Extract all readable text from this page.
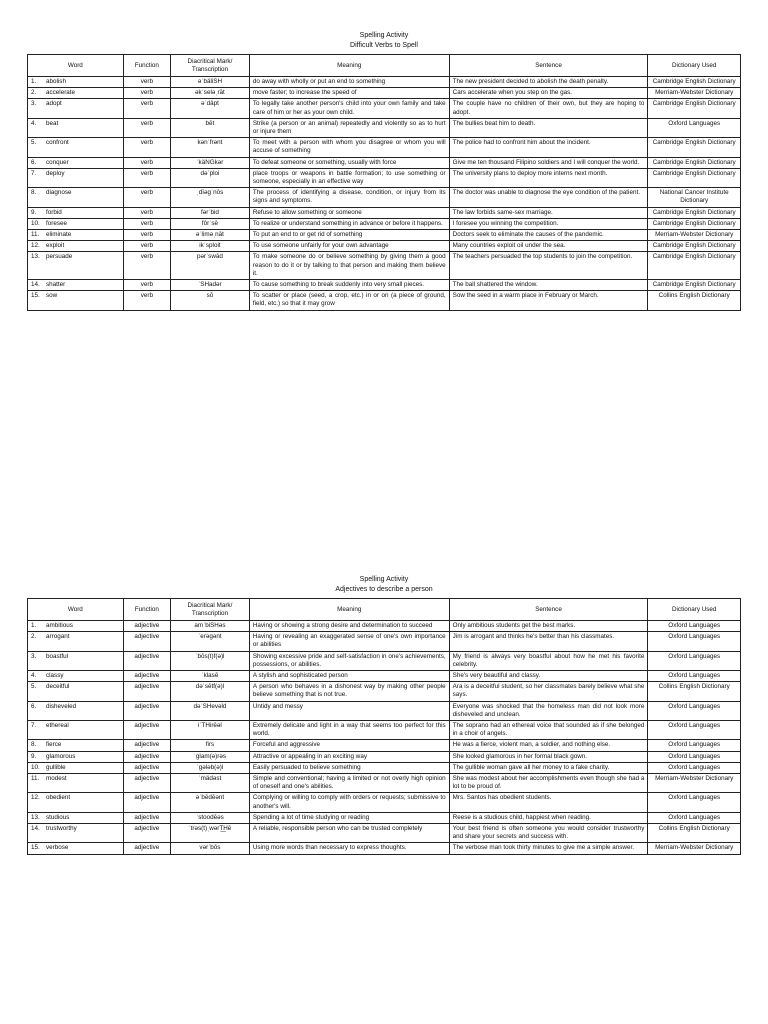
Spelling Activity
Difficult Verbs to Spell
Word	Function	Diacritical Mark/ Transcription	Meaning	Sentence	Dictionary Used
1. abolish	verb	əˈbäliSH	do away with wholly or put an end to something	The new president decided to abolish the death penalty.	Cambridge English Dictionary
2. accelerate	verb	əkˈseləˌrāt	move faster; to increase the speed of	Cars accelerate when you step on the gas.	Merriam-Webster Dictionary
3. adopt	verb	əˈdäpt	To legally take another person's child into your own family and take care of him or her as your own child.	The couple have no children of their own, but they are hoping to adopt.	Cambridge English Dictionary
4. beat	verb	bēt	Strike (a person or an animal) repeatedly and violently so as to hurt or injure them	The bullies beat him to death.	Oxford Languages
5. confront	verb	kənˈfrənt	To meet with a person with whom you disagree or whom you will accuse of something	The police had to confront him about the incident.	Cambridge English Dictionary
6. conquer	verb	ˈkäNGkər	To defeat someone or something, usually with force	Give me ten thousand Filipino soldiers and I will conquer the world.	Cambridge English Dictionary
7. deploy	verb	dəˈploi	place troops or weapons in battle formation; to use something or someone, especially in an effective way	The university plans to deploy more interns next month.	Cambridge English Dictionary
8. diagnose	verb	ˌdīəgˈnōs	The process of identifying a disease, condition, or injury from its signs and symptoms.	The doctor was unable to diagnose the eye condition of the patient.	National Cancer Institute Dictionary
9. forbid	verb	fərˈbid	Refuse to allow something or someone	The law forbids same-sex marriage.	Cambridge English Dictionary
10. foresee	verb	fôrˈsē	To realize or understand something in advance or before it happens.	I foresee you winning the competition.	Cambridge English Dictionary
11. eliminate	verb	əˈliməˌnāt	To put an end to or get rid of something	Doctors seek to eliminate the causes of the pandemic.	Merriam-Webster Dictionary
12. exploit	verb	ikˈsploit	To use someone unfairly for your own advantage	Many countries exploit oil under the sea.	Cambridge English Dictionary
13. persuade	verb	pərˈswād	To make someone do or believe something by giving them a good reason to do it or by talking to that person and making them believe it.	The teachers persuaded the top students to join the competition.	Cambridge English Dictionary
14. shatter	verb	ˈSHadər	To cause something to break suddenly into very small pieces.	The ball shattered the window.	Cambridge English Dictionary
15. sow	verb	sō	To scatter or place (seed, a crop, etc.) in or on (a piece of ground, field, etc.) so that it may grow	Sow the seed in a warm place in February or March.	Collins English Dictionary
Spelling Activity
Adjectives to describe a person
Word	Function	Diacritical Mark/ Transcription	Meaning	Sentence	Dictionary Used
1. ambitious	adjective	amˈbiSHəs	Having or showing a strong desire and determination to succeed	Only ambitious students get the best marks.	Oxford Languages
2. arrogant	adjective	ˈerəgənt	Having or revealing an exaggerated sense of one's own importance or abilities	Jim is arrogant and thinks he's better than his classmates.	Oxford Languages
3. boastful	adjective	ˈbōs(t)f(ə)l	Showing excessive pride and self-satisfaction in one's achievements, possessions, or abilities.	My friend is always very boastful about how he met his favorite celebrity.	Oxford Languages
4. classy	adjective	ˈklasē	A stylish and sophisticated person	She's very beautiful and classy.	Oxford Languages
5. deceitful	adjective	dəˈsētf(ə)l	A person who behaves in a dishonest way by making other people believe something that is not true.	Ara is a deceitful student, so her classmates barely believe what she says.	Collins English Dictionary
6. disheveled	adjective	dəˈSHevəld	Untidy and messy	Everyone was shocked that the homeless man did not look more disheveled and unclean.	Oxford Languages
7. ethereal	adjective	iˈTHirēəl	Extremely delicate and light in a way that seems too perfect for this world.	The soprano had an ethereal voice that sounded as if she belonged in a choir of angels.	Oxford Languages
8. fierce	adjective	firs	Forceful and aggressive	He was a fierce, violent man, a soldier, and nothing else.	Oxford Languages
9. glamorous	adjective	ˈglam(ə)rəs	Attractive or appealing in an exciting way	She looked glamorous in her formal black gown.	Oxford Languages
10. gullible	adjective	ˈgələb(ə)l	Easily persuaded to believe something	The gullible woman gave all her money to a fake charity.	Oxford Languages
11. modest	adjective	ˈmädəst	Simple and conventional; having a limited or not overly high opinion of oneself and one's abilities.	She was modest about her accomplishments even though she had a lot to be proud of.	Merriam-Webster Dictionary
12. obedient	adjective	əˈbēdēənt	Complying or willing to comply with orders or requests; submissive to another's will.	Mrs. Santos has obedient students.	Oxford Languages
13. studious	adjective	ˈstoodēəs	Spending a lot of time studying or reading	Reese is a studious child, happiest when reading.	Oxford Languages
14. trustworthy	adjective	ˈtrəs(t)ˌwərT͟Hē	A reliable, responsible person who can be trusted completely	Your best friend is often someone you would consider trustworthy and share your secrets and success with.	Collins English Dictionary
15. verbose	adjective	vərˈbōs	Using more words than necessary to express thoughts.	The verbose man took thirty minutes to give me a simple answer.	Merriam-Webster Dictionary
